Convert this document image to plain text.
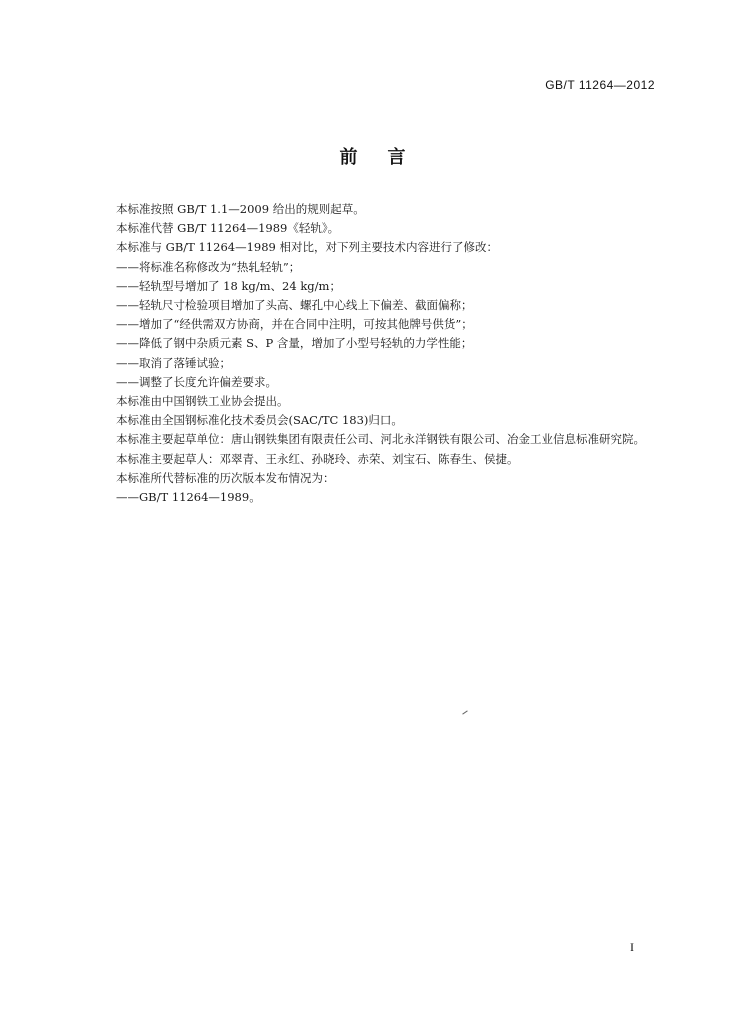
GB/T 11264—2012
前言

本标准按照 GB/T 1.1—2009 给出的规则起草。

本标准代替 GB/T 11264—1989《轻轨》。

本标准与 GB/T 11264—1989 相对比，对下列主要技术内容进行了修改：

——将标准名称修改为“热轧轻轨”；

——轻轨型号增加了 18 kg/m、24 kg/m；

——轻轨尺寸检验项目增加了头高、螺孔中心线上下偏差、截面偏称；

——增加了“经供需双方协商，并在合同中注明，可按其他牌号供货”；

——降低了钢中杂质元素 S、P 含量，增加了小型号轻轨的力学性能；

——取消了落锤试验；

——调整了长度允许偏差要求。

本标准由中国钢铁工业协会提出。

本标准由全国钢标准化技术委员会(SAC/TC 183)归口。

本标准主要起草单位：唐山钢铁集团有限责任公司、河北永洋钢铁有限公司、冶金工业信息标准研究院。

本标准主要起草人：邓翠青、王永红、孙晓玲、赤荣、刘宝石、陈春生、侯捷。

本标准所代替标准的历次版本发布情况为：

——GB/T 11264—1989。

I
